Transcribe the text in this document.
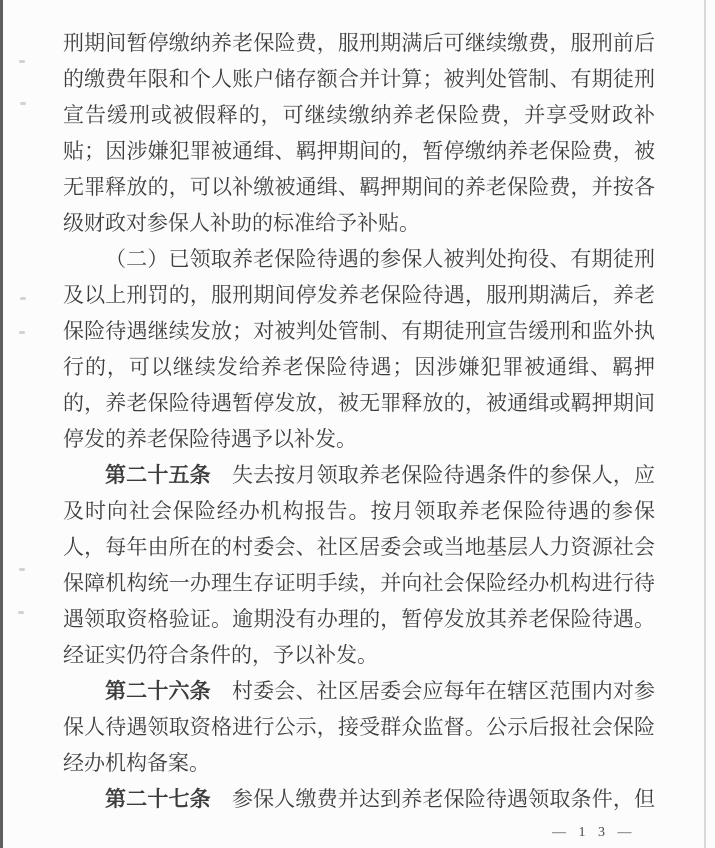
刑期间暂停缴纳养老保险费，服刑期满后可继续缴费，服刑前后
的缴费年限和个人账户储存额合并计算；被判处管制、有期徒刑
宣告缓刑或被假释的，可继续缴纳养老保险费，并享受财政补
贴；因涉嫌犯罪被通缉、羁押期间的，暂停缴纳养老保险费，被
无罪释放的，可以补缴被通缉、羁押期间的养老保险费，并按各
级财政对参保人补助的标准给予补贴。
（二）已领取养老保险待遇的参保人被判处拘役、有期徒刑
及以上刑罚的，服刑期间停发养老保险待遇，服刑期满后，养老
保险待遇继续发放；对被判处管制、有期徒刑宣告缓刑和监外执
行的，可以继续发给养老保险待遇；因涉嫌犯罪被通缉、羁押
的，养老保险待遇暂停发放，被无罪释放的，被通缉或羁押期间
停发的养老保险待遇予以补发。
第二十五条　失去按月领取养老保险待遇条件的参保人，应
及时向社会保险经办机构报告。按月领取养老保险待遇的参保
人，每年由所在的村委会、社区居委会或当地基层人力资源社会
保障机构统一办理生存证明手续，并向社会保险经办机构进行待
遇领取资格验证。逾期没有办理的，暂停发放其养老保险待遇。
经证实仍符合条件的，予以补发。
第二十六条　村委会、社区居委会应每年在辖区范围内对参
保人待遇领取资格进行公示，接受群众监督。公示后报社会保险
经办机构备案。
第二十七条　参保人缴费并达到养老保险待遇领取条件，但
— 1 3 —
